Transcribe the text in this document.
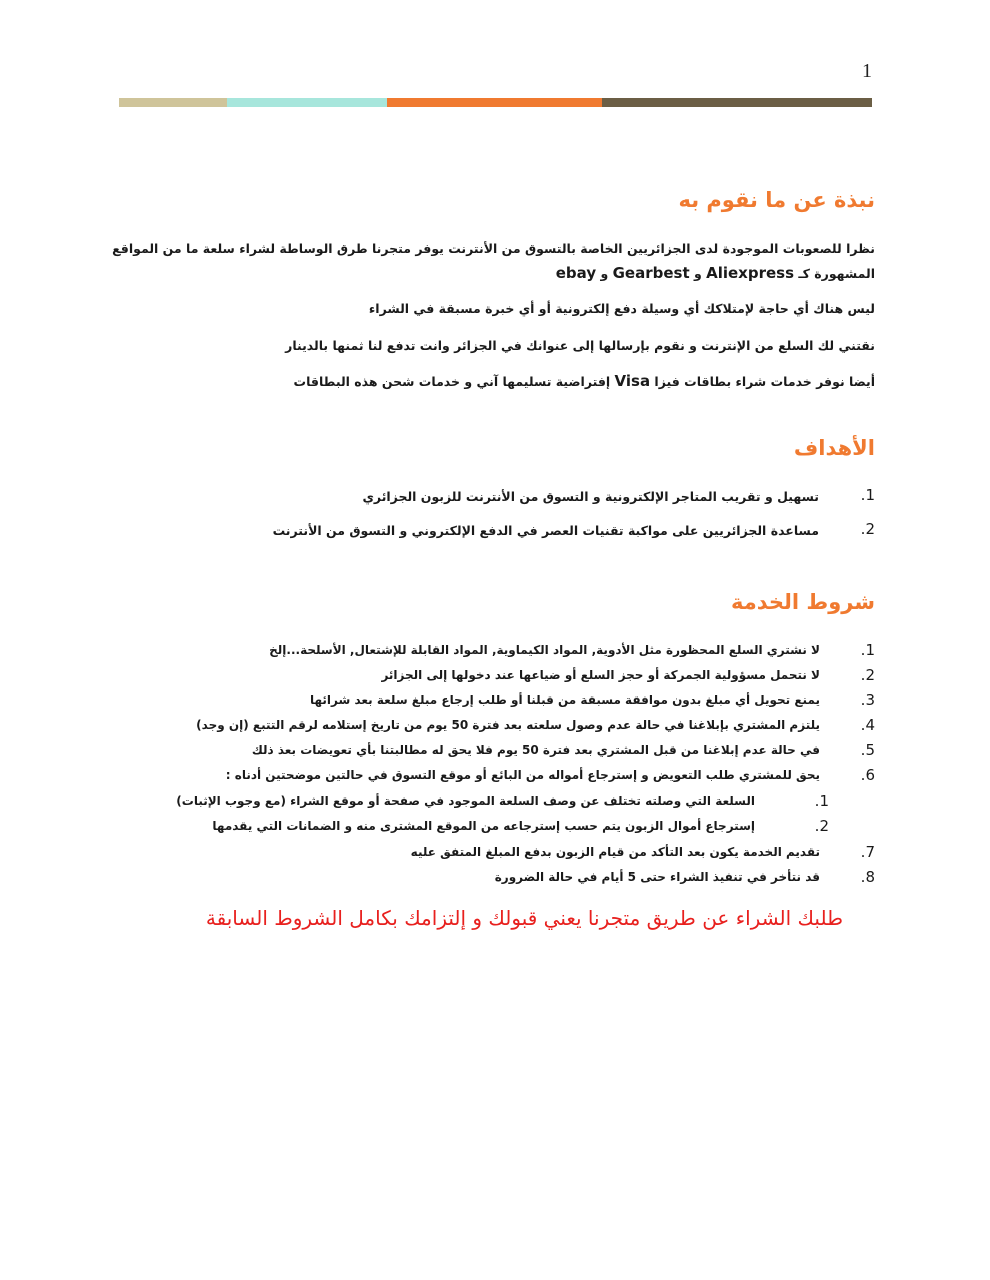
1
نبذة عن ما نقوم به
نظرا للصعوبات الموجودة لدى الجزائريين الخاصة بالتسوق من الأنترنت يوفر متجرنا طرق الوساطة لشراء سلعة ما من المواقع
المشهورة كـ Aliexpress و Gearbest و ebay
ليس هناك أي حاجة لإمتلاكك أي وسيلة دفع إلكترونية أو أي خبرة مسبقة في الشراء
نقتني لك السلع من الإنترنت و نقوم بإرسالها إلى عنوانك في الجزائر وانت تدفع لنا ثمنها بالدينار
أيضا نوفر خدمات شراء بطاقات فيزا Visa إفتراضية تسليمها آني و خدمات شحن هذه البطاقات
الأهداف
1.
تسهيل و تقريب المتاجر الإلكترونية و التسوق من الأنترنت للزبون الجزائري
2.
مساعدة الجزائريين على مواكبة تقنيات العصر في الدفع الإلكتروني و التسوق من الأنترنت
شروط الخدمة
1.
لا نشتري السلع المحظورة مثل الأدوية, المواد الكيماوية, المواد القابلة للإشتعال, الأسلحة...إلخ
2.
لا نتحمل مسؤولية الجمركة أو حجز السلع أو ضياعها عند دخولها إلى الجزائر
3.
يمنع تحويل أي مبلغ بدون موافقة مسبقة من قبلنا أو طلب إرجاع مبلغ سلعة بعد شرائها
4.
يلتزم المشتري بإبلاغنا في حالة عدم وصول سلعته بعد فترة 50 يوم من تاريخ إستلامه لرقم التتبع (إن وجد)
5.
في حالة عدم إبلاغنا من قبل المشتري بعد فترة 50 يوم فلا يحق له مطالبتنا بأي تعويضات بعذ ذلك
6.
يحق للمشتري طلب التعويض و إسترجاع أمواله من البائع أو موقع التسوق في حالتين موضحتين أدناه :
1.
السلعة التي وصلته تختلف عن وصف السلعة الموجود في صفحة أو موقع الشراء (مع وجوب الإثبات)
2.
إسترجاع أموال الزبون يتم حسب إسترجاعه من الموقع المشترى منه و الضمانات التي يقدمها
7.
تقديم الخدمة يكون بعد التأكد من قيام الزبون بدفع المبلغ المتفق عليه
8.
قد نتأخر في تنفيذ الشراء حتى 5 أيام في حالة الضرورة
طلبك الشراء عن طريق متجرنا يعني قبولك و إلتزامك بكامل الشروط السابقة
